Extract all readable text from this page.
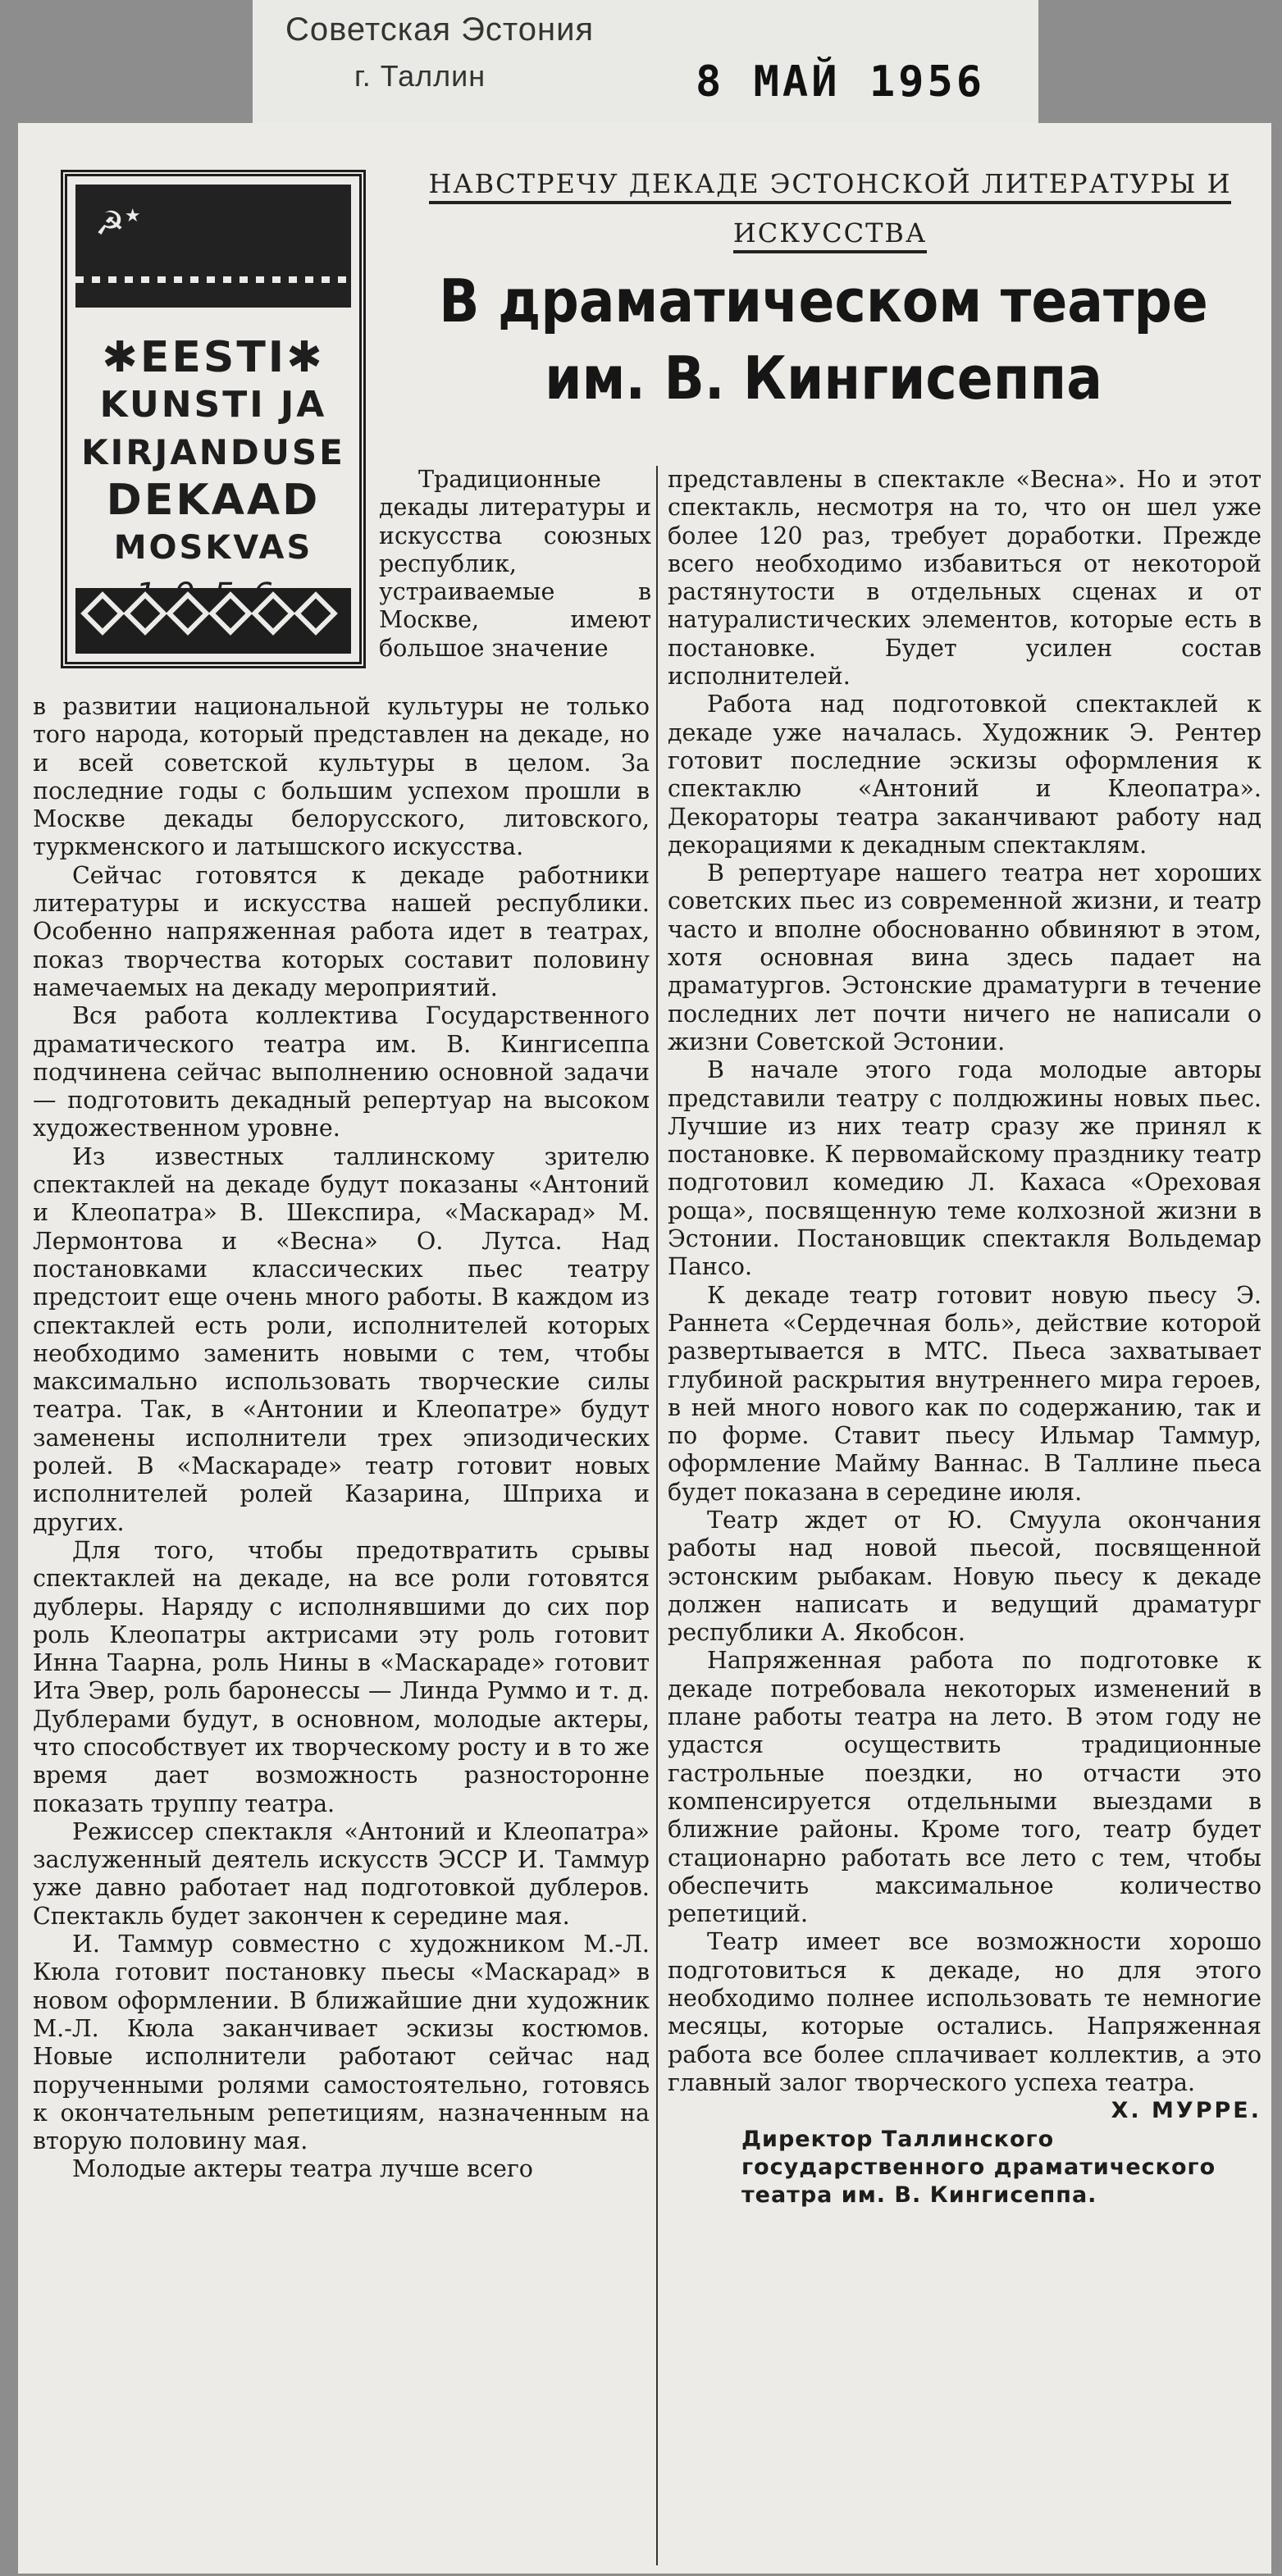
Советская Эстония
г. Таллин	8 МАЙ 1956
☭★
✱EESTI✱
KUNSTI JA
KIRJANDUSE
DEKAAD
MOSKVAS
НАВСТРЕЧУ ДЕКАДЕ ЭСТОНСКОЙ ЛИТЕРАТУРЫ И
ИСКУССТВА
В драматическом театре
им. В. Кингисеппа

Традиционные декады литературы и искусства союзных республик, устраиваемые в Москве, имеют большое значение

в развитии национальной культуры не только того народа, который представлен на декаде, но и всей советской культуры в целом. За последние годы с большим успехом прошли в Москве декады белорусского, литовского, туркменского и латышского искусства.

Сейчас готовятся к декаде работники литературы и искусства нашей республики. Особенно напряженная работа идет в театрах, показ творчества которых составит половину намечаемых на декаду мероприятий.

Вся работа коллектива Государственного драматического театра им. В. Кингисеппа подчинена сейчас выполнению основной задачи — подготовить декадный репертуар на высоком художественном уровне.

Из известных таллинскому зрителю спектаклей на декаде будут показаны «Антоний и Клеопатра» В. Шекспира, «Маскарад» М. Лермонтова и «Весна» О. Лутса. Над постановками классических пьес театру предстоит еще очень много работы. В каждом из спектаклей есть роли, исполнителей которых необходимо заменить новыми с тем, чтобы максимально использовать творческие силы театра. Так, в «Антонии и Клеопатре» будут заменены исполнители трех эпизодических ролей. В «Маскараде» театр готовит новых исполнителей ролей Казарина, Шприха и других.

Для того, чтобы предотвратить срывы спектаклей на декаде, на все роли готовятся дублеры. Наряду с исполнявшими до сих пор роль Клеопатры актрисами эту роль готовит Инна Таарна, роль Нины в «Маскараде» готовит Ита Эвер, роль баронессы — Линда Руммо и т. д. Дублерами будут, в основном, молодые актеры, что способствует их творческому росту и в то же время дает возможность разносторонне показать труппу театра.

Режиссер спектакля «Антоний и Клеопатра» заслуженный деятель искусств ЭССР И. Таммур уже давно работает над подготовкой дублеров. Спектакль будет закончен к середине мая.

И. Таммур совместно с художником М.-Л. Кюла готовит постановку пьесы «Маскарад» в новом оформлении. В ближайшие дни художник М.-Л. Кюла заканчивает эскизы костюмов. Новые исполнители работают сейчас над порученными ролями самостоятельно, готовясь к окончательным репетициям, назначенным на вторую половину мая.

Молодые актеры театра лучше всего

представлены в спектакле «Весна». Но и этот спектакль, несмотря на то, что он шел уже более 120 раз, требует доработки. Прежде всего необходимо избавиться от некоторой растянутости в отдельных сценах и от натуралистических элементов, которые есть в постановке. Будет усилен состав исполнителей.

Работа над подготовкой спектаклей к декаде уже началась. Художник Э. Рентер готовит последние эскизы оформления к спектаклю «Антоний и Клеопатра». Декораторы театра заканчивают работу над декорациями к декадным спектаклям.

В репертуаре нашего театра нет хороших советских пьес из современной жизни, и театр часто и вполне обоснованно обвиняют в этом, хотя основная вина здесь падает на драматургов. Эстонские драматурги в течение последних лет почти ничего не написали о жизни Советской Эстонии.

В начале этого года молодые авторы представили театру с полдюжины новых пьес. Лучшие из них театр сразу же принял к постановке. К первомайскому празднику театр подготовил комедию Л. Кахаса «Ореховая роща», посвященную теме колхозной жизни в Эстонии. Постановщик спектакля Вольдемар Пансо.

К декаде театр готовит новую пьесу Э. Раннета «Сердечная боль», действие которой развертывается в МТС. Пьеса захватывает глубиной раскрытия внутреннего мира героев, в ней много нового как по содержанию, так и по форме. Ставит пьесу Ильмар Таммур, оформление Майму Ваннас. В Таллине пьеса будет показана в середине июля.

Театр ждет от Ю. Смуула окончания работы над новой пьесой, посвященной эстонским рыбакам. Новую пьесу к декаде должен написать и ведущий драматург республики А. Якобсон.

Напряженная работа по подготовке к декаде потребовала некоторых изменений в плане работы театра на лето. В этом году не удастся осуществить традиционные гастрольные поездки, но отчасти это компенсируется отдельными выездами в ближние районы. Кроме того, театр будет стационарно работать все лето с тем, чтобы обеспечить максимальное количество репетиций.

Театр имеет все возможности хорошо подготовиться к декаде, но для этого необходимо полнее использовать те немногие месяцы, которые остались. Напряженная работа все более сплачивает коллектив, а это главный залог творческого успеха театра.

Х. МУРРЕ.
Директор Таллинского государственного драматического театра им. В. Кингисеппа.
